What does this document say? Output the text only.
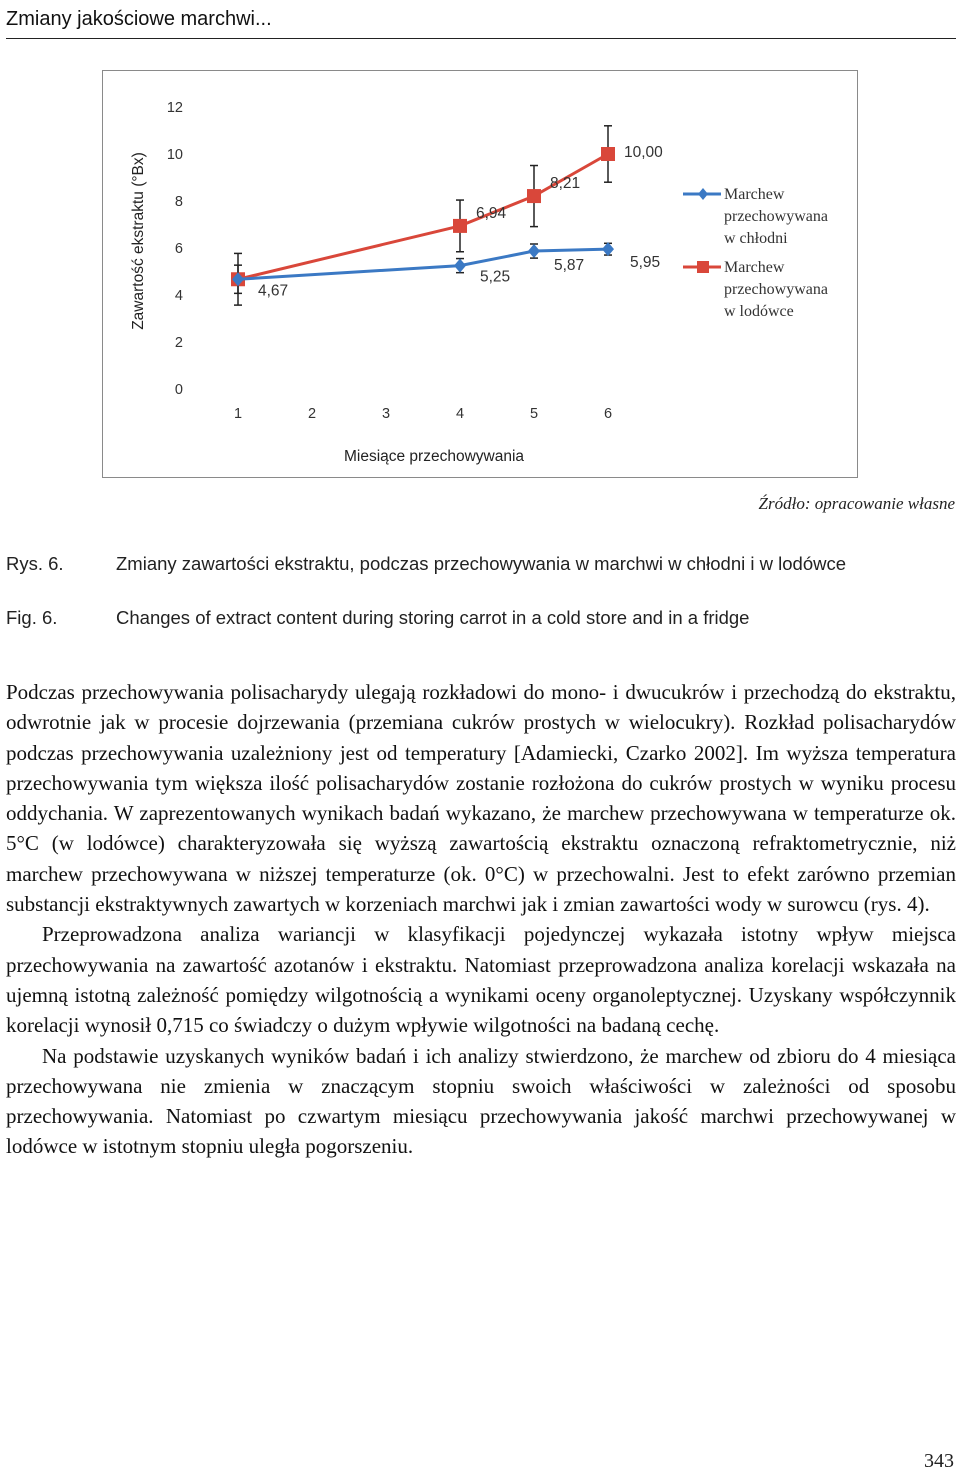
Zmiany jakościowe marchwi...
0
2
4
6
8
10
12
1	2	3	4	5	6
4,67
6,94
8,21
10,00
5,25
5,87	5,95
Marchew
przechowywana
w chłodni
Marchew
przechowywana
w lodówce
Zawartość ekstraktu (°Bx)
Miesiące przechowywania
Źródło: opracowanie własne
Rys. 6.	Zmiany zawartości ekstraktu, podczas przechowywania w marchwi w chłodni i w lodówce
Fig. 6.	Changes of extract content during storing carrot in a cold store and in a fridge

Podczas przechowywania polisacharydy ulegają rozkładowi do mono- i dwucukrów i przechodzą do ekstraktu, odwrotnie jak w procesie dojrzewania (przemiana cukrów prostych w wielocukry). Rozkład polisacharydów podczas przechowywania uzależniony jest od temperatury [Adamiecki, Czarko 2002]. Im wyższa temperatura przechowywania tym większa ilość polisacharydów zostanie rozłożona do cukrów prostych w wyniku procesu oddychania. W zaprezentowanych wynikach badań wykazano, że marchew przechowywana w temperaturze ok. 5°C (w lodówce) charakteryzowała się wyższą zawartością ekstraktu oznaczoną refraktometrycznie, niż marchew przechowywana w niższej temperaturze (ok. 0°C) w przechowalni. Jest to efekt zarówno przemian substancji ekstraktywnych zawartych w korzeniach marchwi jak i zmian zawartości wody w surowcu (rys. 4).

Przeprowadzona analiza wariancji w klasyfikacji pojedynczej wykazała istotny wpływ miejsca przechowywania na zawartość azotanów i ekstraktu. Natomiast przeprowadzona analiza korelacji wskazała na ujemną istotną zależność pomiędzy wilgotnością a wynikami oceny organoleptycznej. Uzyskany współczynnik korelacji wynosił 0,715 co świadczy o dużym wpływie wilgotności na badaną cechę.

Na podstawie uzyskanych wyników badań i ich analizy stwierdzono, że marchew od zbioru do 4 miesiąca przechowywana nie zmienia w znaczącym stopniu swoich właściwości w zależności od sposobu przechowywania. Natomiast po czwartym miesiącu przechowywania jakość marchwi przechowywanej w lodówce w istotnym stopniu uległa pogorszeniu.

343
